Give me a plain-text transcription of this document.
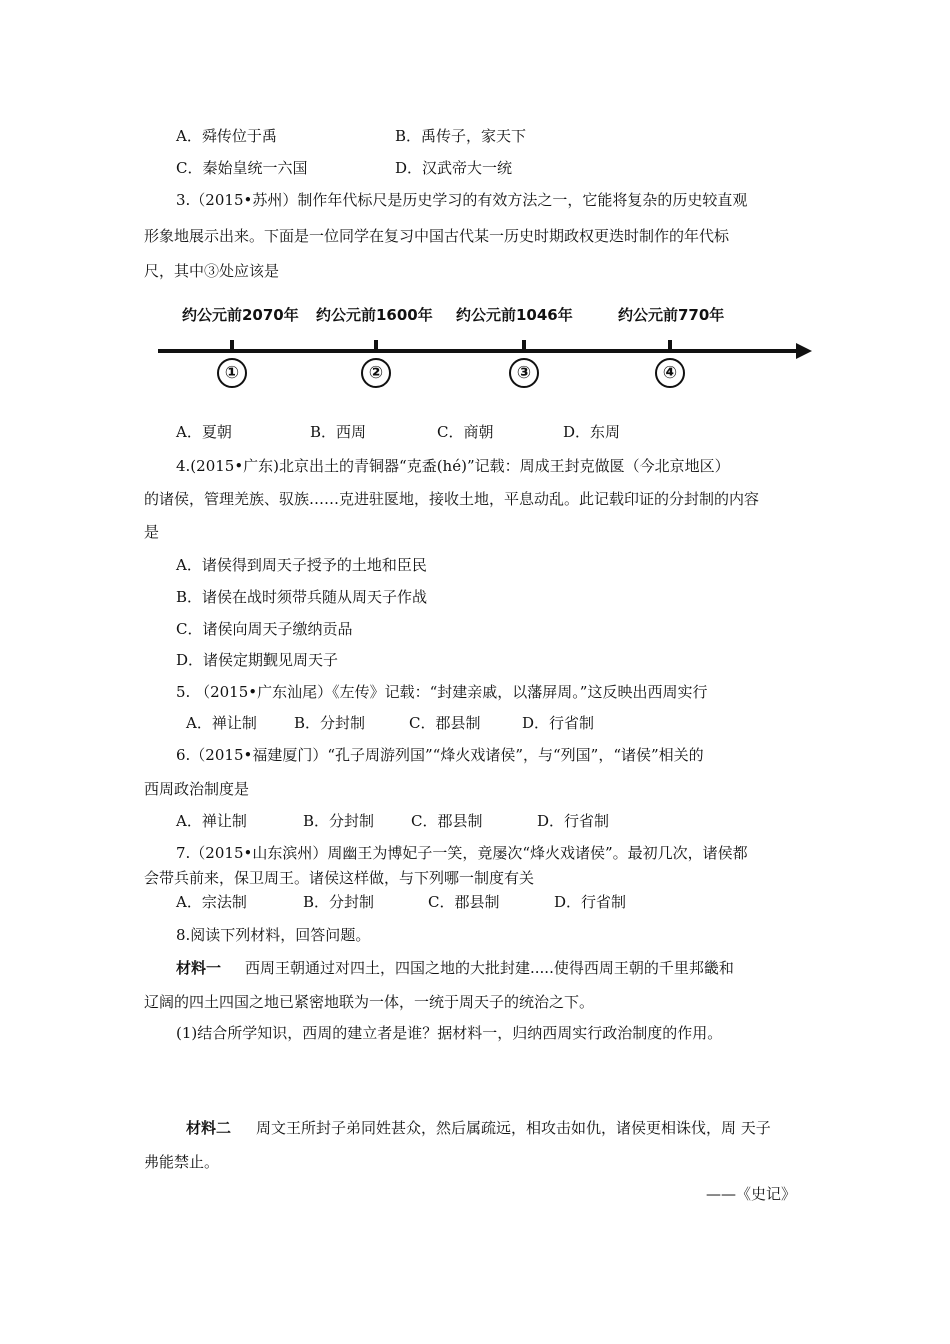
A．舜传位于禹	B．禹传子，家天下
C．秦始皇统一六国	D．汉武帝大一统
3.（2015•苏州）制作年代标尺是历史学习的有效方法之一，它能将复杂的历史较直观
形象地展示出来。下面是一位同学在复习中国古代某一历史时期政权更迭时制作的年代标
尺，其中③处应该是
约公元前2070年 约公元前1600年 约公元前1046年	约公元前770年
①	②	③	④
A．夏朝	B．西周	C．商朝	D．东周
4.(2015•广东)北京出土的青铜器“克盉(hé)”记载：周成王封克做匽（今北京地区）
的诸侯，管理羌族、驭族……克进驻匽地，接收土地，平息动乱。此记载印证的分封制的内容
是
A．诸侯得到周天子授予的土地和臣民
B．诸侯在战时须带兵随从周天子作战
C．诸侯向周天子缴纳贡品
D．诸侯定期觐见周天子
5. （2015•广东汕尾）《左传》记载：“封建亲戚，以藩屏周。”这反映出西周实行
A．禅让制 B．分封制	C．郡县制	D．行省制
6.（2015•福建厦门）“孔子周游列国”“烽火戏诸侯”，与“列国”，“诸侯”相关的
西周政治制度是
A．禅让制	B．分封制 C．郡县制	D．行省制
7.（2015•山东滨州）周幽王为博妃子一笑，竟屡次“烽火戏诸侯”。最初几次，诸侯都
会带兵前来，保卫周王。诸侯这样做，与下列哪一制度有关
A．宗法制	B．分封制	C．郡县制	D．行省制
8.阅读下列材料，回答问题。
材料一 西周王朝通过对四土，四国之地的大批封建.....使得西周王朝的千里邦畿和
辽阔的四土四国之地已紧密地联为一体，一统于周天子的统治之下。
(1)结合所学知识，西周的建立者是谁？据材料一，归纳西周实行政治制度的作用。
材料二 周文王所封子弟同姓甚众，然后属疏远，相攻击如仇，诸侯更相诛伐，周 天子
弗能禁止。
——《史记》
